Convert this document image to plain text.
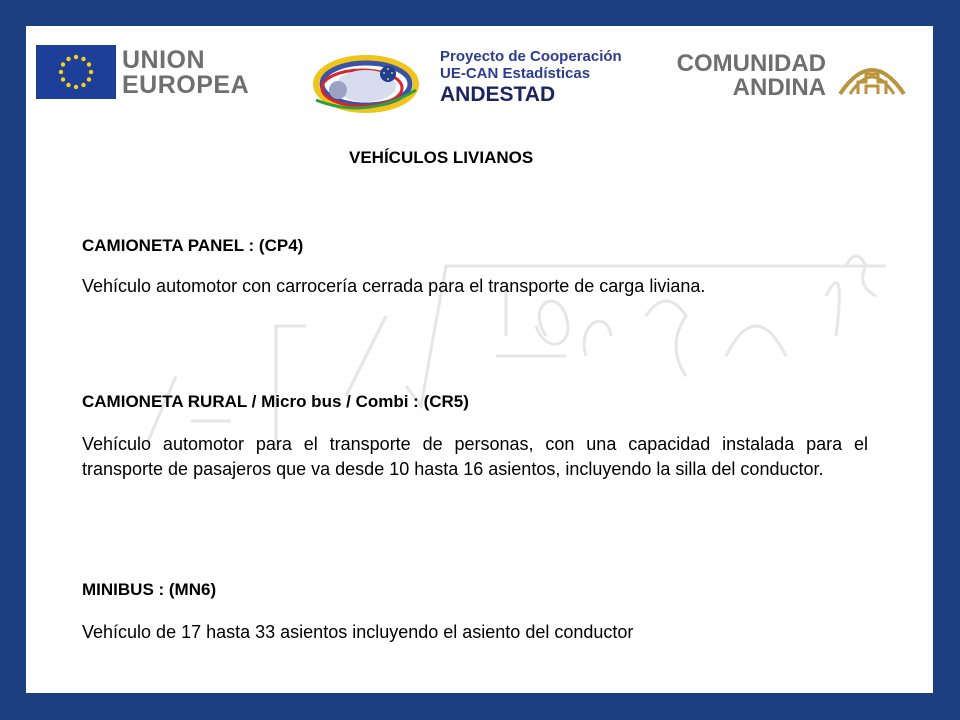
UNION
EUROPEA
Proyecto de Cooperación
UE-CAN Estadísticas
ANDESTAD
COMUNIDAD
ANDINA
VEHÍCULOS LIVIANOS
CAMIONETA PANEL : (CP4)
Vehículo automotor con carrocería cerrada para el transporte de carga liviana.
CAMIONETA RURAL / Micro bus / Combi : (CR5)
Vehículo automotor para el transporte de personas, con una capacidad instalada para el transporte de pasajeros que va desde 10 hasta 16 asientos, incluyendo la silla del conductor.
MINIBUS : (MN6)
Vehículo de 17 hasta 33 asientos incluyendo el asiento del conductor
